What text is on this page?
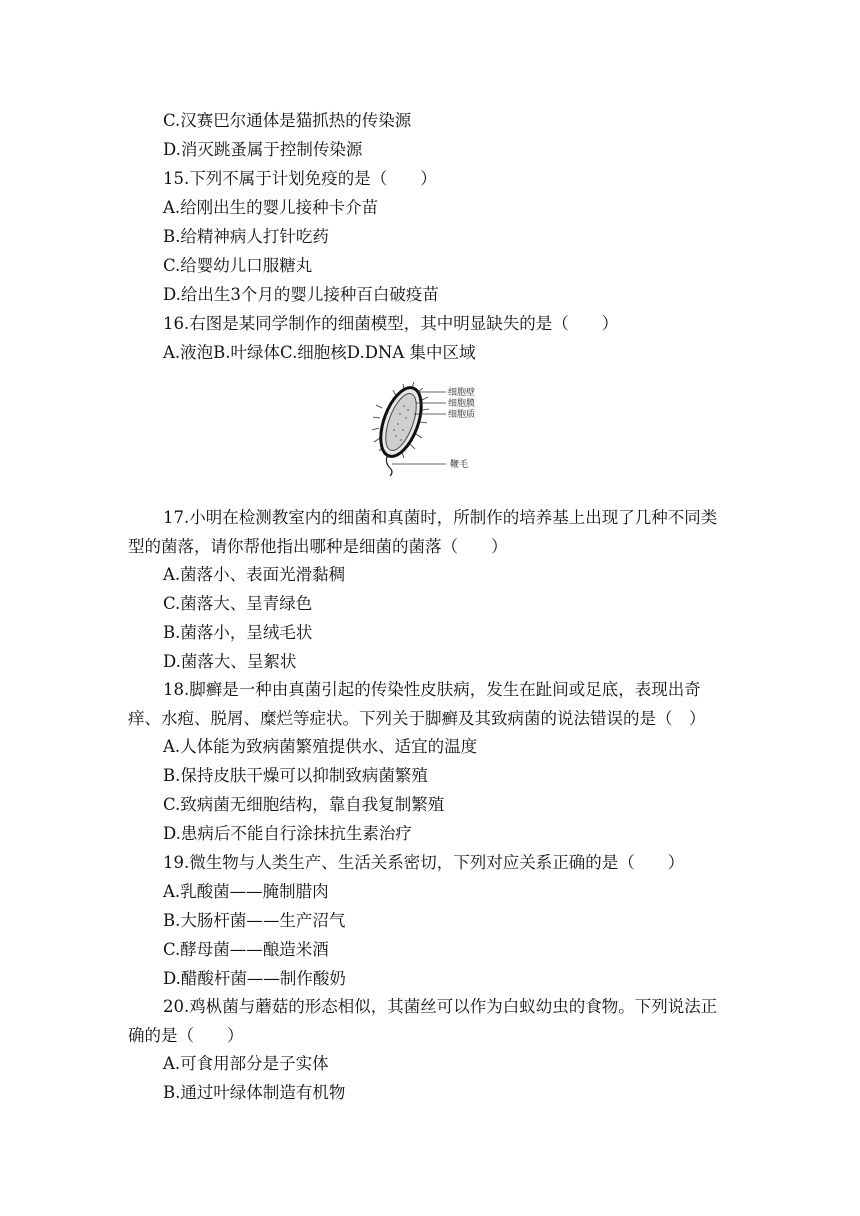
C.汉赛巴尔通体是猫抓热的传染源
D.消灭跳蚤属于控制传染源
15.下列不属于计划免疫的是（　　）
A.给刚出生的婴儿接种卡介苗
B.给精神病人打针吃药
C.给婴幼儿口服糖丸
D.给出生3个月的婴儿接种百白破疫苗
16.右图是某同学制作的细菌模型，其中明显缺失的是（　　）
A.液泡B.叶绿体C.细胞核D.DNA 集中区域
细胞壁
细胞膜
细胞质
鞭毛
17.小明在检测教室内的细菌和真菌时，所制作的培养基上出现了几种不同类型的菌落，请你帮他指出哪种是细菌的菌落（　　）
A.菌落小、表面光滑黏稠
C.菌落大、呈青绿色
B.菌落小，呈绒毛状
D.菌落大、呈絮状
18.脚癣是一种由真菌引起的传染性皮肤病，发生在趾间或足底，表现出奇痒、水疱、脱屑、糜烂等症状。下列关于脚癣及其致病菌的说法错误的是（　）
A.人体能为致病菌繁殖提供水、适宜的温度
B.保持皮肤干燥可以抑制致病菌繁殖
C.致病菌无细胞结构，靠自我复制繁殖
D.患病后不能自行涂抹抗生素治疗
19.微生物与人类生产、生活关系密切，下列对应关系正确的是（　　）
A.乳酸菌——腌制腊肉
B.大肠杆菌——生产沼气
C.酵母菌——酿造米酒
D.醋酸杆菌——制作酸奶
20.鸡枞菌与蘑菇的形态相似，其菌丝可以作为白蚁幼虫的食物。下列说法正确的是（　　）
A.可食用部分是子实体
B.通过叶绿体制造有机物
